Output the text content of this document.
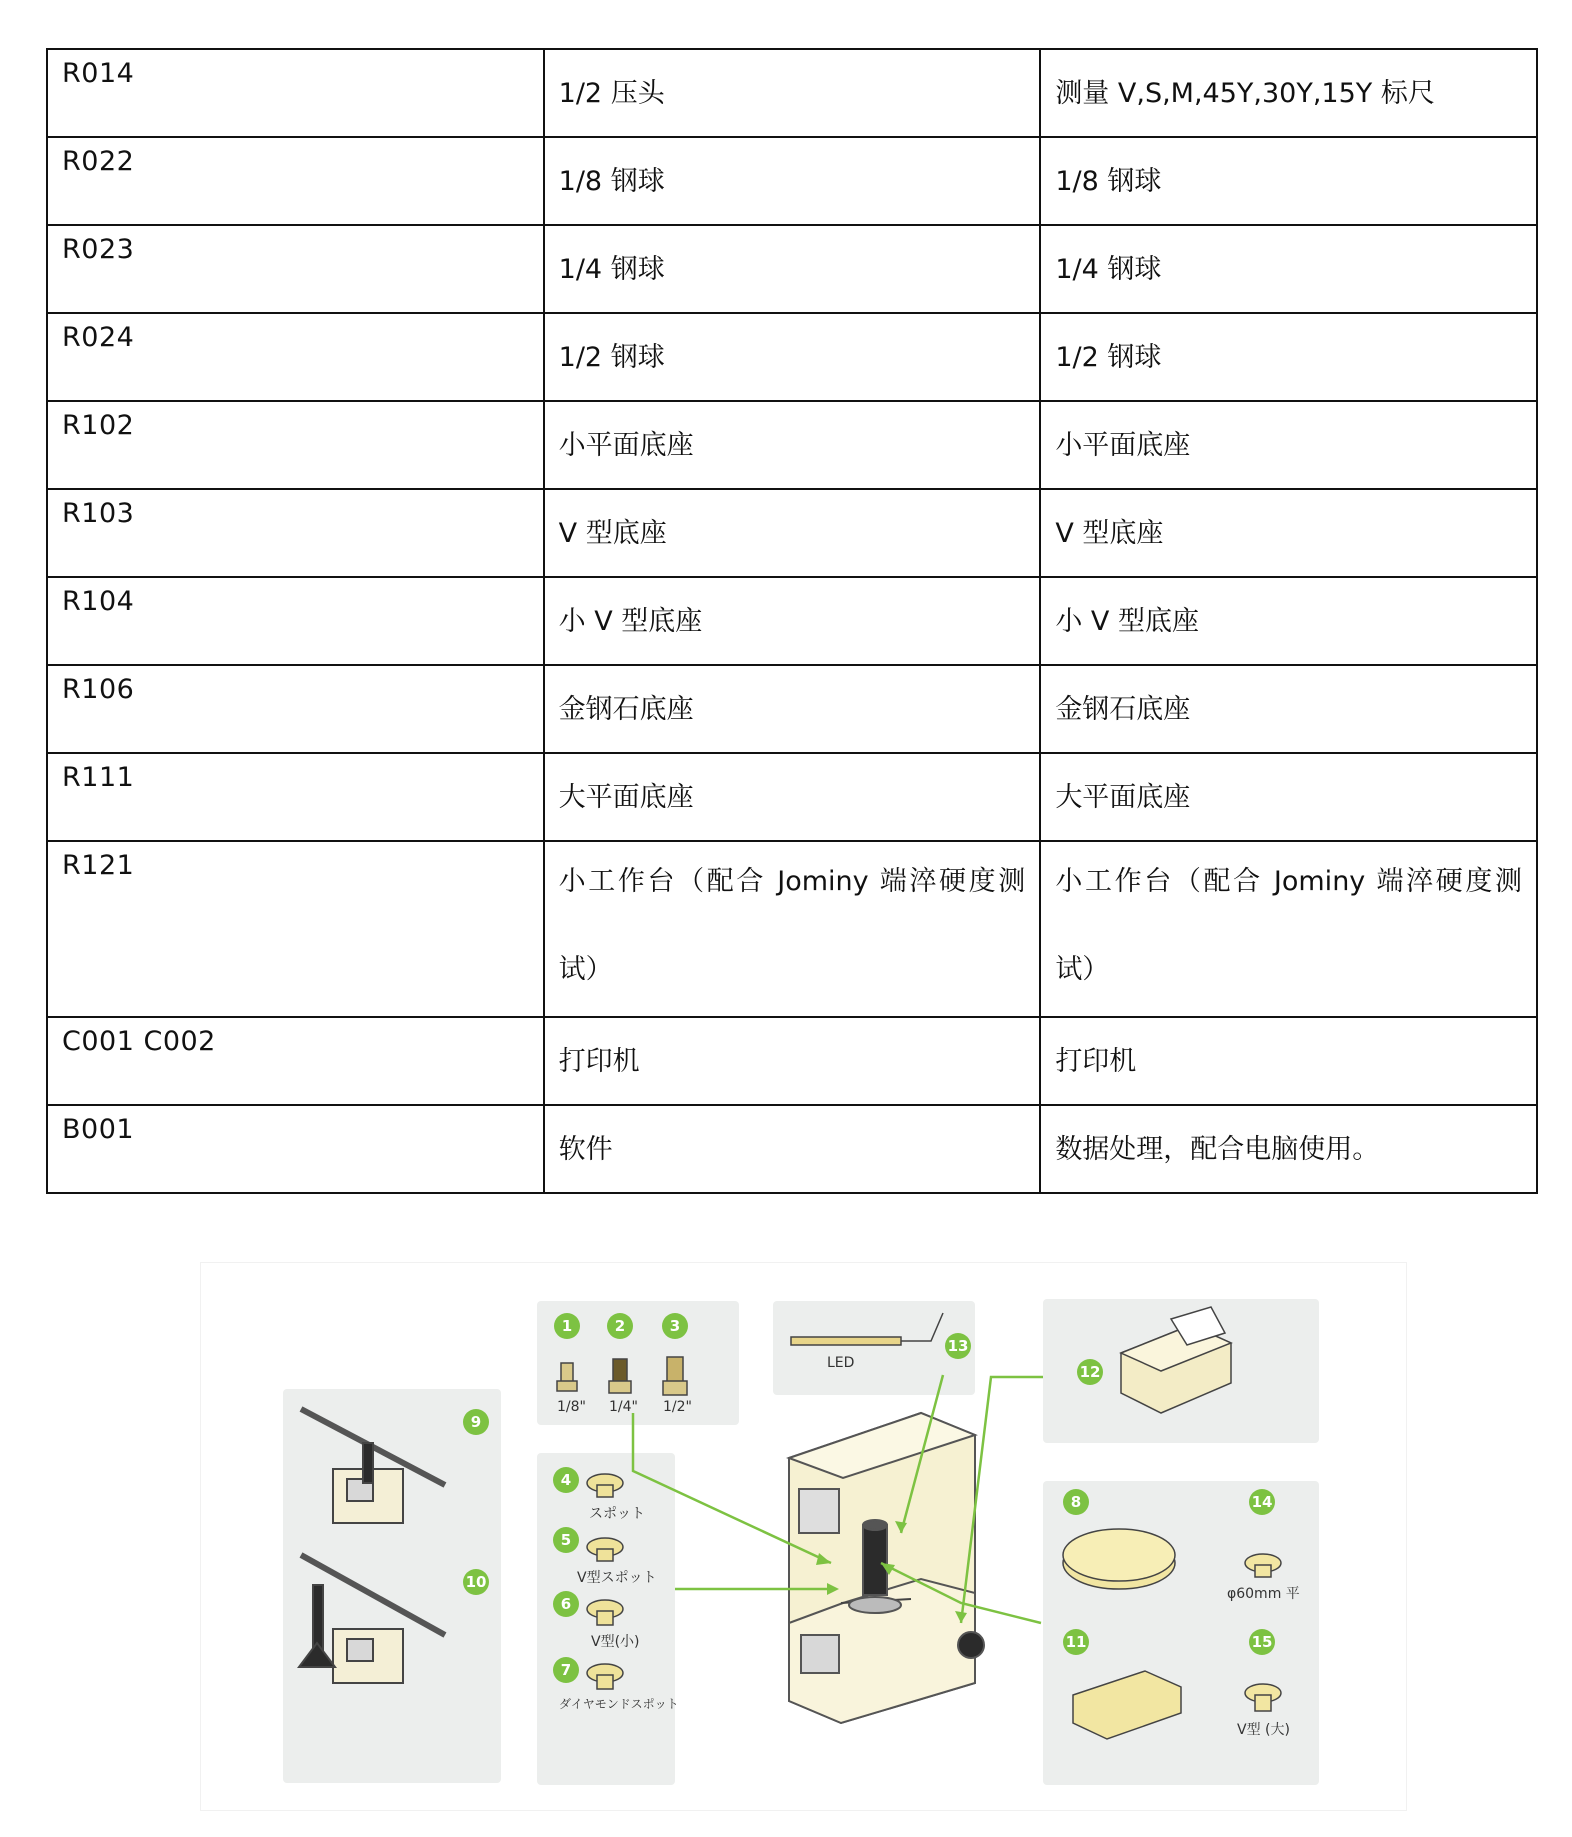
R014	1/2 压头	测量 V,S,M,45Y,30Y,15Y 标尺

R022	1/8 钢球	1/8 钢球

R023	1/4 钢球	1/4 钢球

R024	1/2 钢球	1/2 钢球

R102	小平面底座	小平面底座

R103	V 型底座	V 型底座

R104	小 V 型底座	小 V 型底座

R106	金钢石底座	金钢石底座

R111	大平面底座	大平面底座

R121	小工作台（配合 Jominy 端淬硬度测试）	小工作台（配合 Jominy 端淬硬度测试）

C001 C002	打印机	打印机

B001	软件	数据处理，配合电脑使用。
1	2	3
4
5
6
7
8
9
10
11
12
13
14
15
1/8" 1/4" 1/2"
LED
スポット
V型スポット
V型(小)
ダイヤモンドスポット
φ60mm 平
V型 (大)
